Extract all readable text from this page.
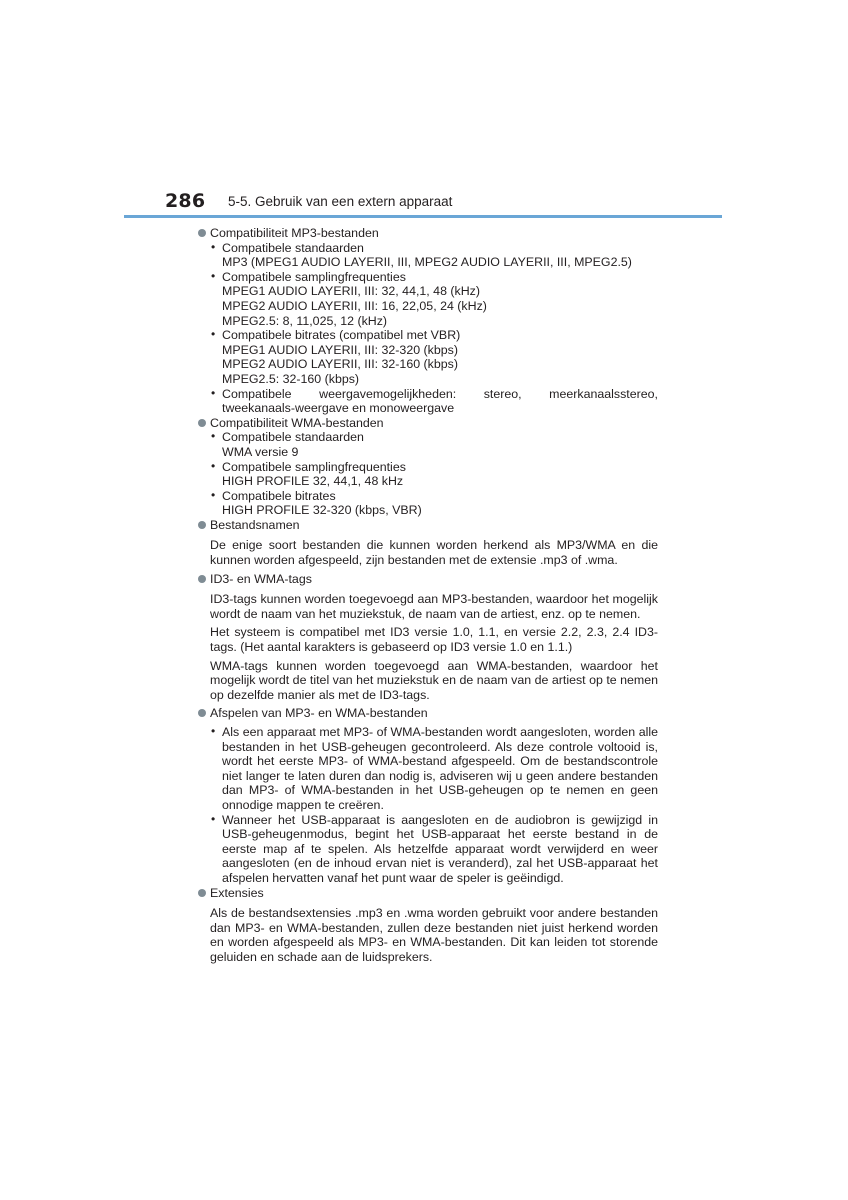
286 5-5. Gebruik van een extern apparaat
Compatibiliteit MP3-bestanden
• Compatibele standaarden
MP3 (MPEG1 AUDIO LAYERII, III, MPEG2 AUDIO LAYERII, III, MPEG2.5)
• Compatibele samplingfrequenties
MPEG1 AUDIO LAYERII, III: 32, 44,1, 48 (kHz)
MPEG2 AUDIO LAYERII, III: 16, 22,05, 24 (kHz)
MPEG2.5: 8, 11,025, 12 (kHz)
• Compatibele bitrates (compatibel met VBR)
MPEG1 AUDIO LAYERII, III: 32-320 (kbps)
MPEG2 AUDIO LAYERII, III: 32-160 (kbps)
MPEG2.5: 32-160 (kbps)
• Compatibele weergavemogelijkheden: stereo, meerkanaalsstereo, tweekanaals-weergave en monoweergave
Compatibiliteit WMA-bestanden
• Compatibele standaarden
WMA versie 9
• Compatibele samplingfrequenties
HIGH PROFILE 32, 44,1, 48 kHz
• Compatibele bitrates
HIGH PROFILE 32-320 (kbps, VBR)
Bestandsnamen

De enige soort bestanden die kunnen worden herkend als MP3/WMA en die kunnen worden afgespeeld, zijn bestanden met de extensie .mp3 of .wma.

ID3- en WMA-tags

ID3-tags kunnen worden toegevoegd aan MP3-bestanden, waardoor het mogelijk wordt de naam van het muziekstuk, de naam van de artiest, enz. op te nemen.

Het systeem is compatibel met ID3 versie 1.0, 1.1, en versie 2.2, 2.3, 2.4 ID3-tags. (Het aantal karakters is gebaseerd op ID3 versie 1.0 en 1.1.)

WMA-tags kunnen worden toegevoegd aan WMA-bestanden, waardoor het mogelijk wordt de titel van het muziekstuk en de naam van de artiest op te nemen op dezelfde manier als met de ID3-tags.

Afspelen van MP3- en WMA-bestanden
• Als een apparaat met MP3- of WMA-bestanden wordt aangesloten, worden alle bestanden in het USB-geheugen gecontroleerd. Als deze controle voltooid is, wordt het eerste MP3- of WMA-bestand afgespeeld. Om de bestandscontrole niet langer te laten duren dan nodig is, adviseren wij u geen andere bestanden dan MP3- of WMA-bestanden in het USB-geheugen op te nemen en geen onnodige mappen te creëren.
• Wanneer het USB-apparaat is aangesloten en de audiobron is gewijzigd in USB-geheugenmodus, begint het USB-apparaat het eerste bestand in de eerste map af te spelen. Als hetzelfde apparaat wordt verwijderd en weer aangesloten (en de inhoud ervan niet is veranderd), zal het USB-apparaat het afspelen hervatten vanaf het punt waar de speler is geëindigd.
Extensies

Als de bestandsextensies .mp3 en .wma worden gebruikt voor andere bestanden dan MP3- en WMA-bestanden, zullen deze bestanden niet juist herkend worden en worden afgespeeld als MP3- en WMA-bestanden. Dit kan leiden tot storende geluiden en schade aan de luidsprekers.
